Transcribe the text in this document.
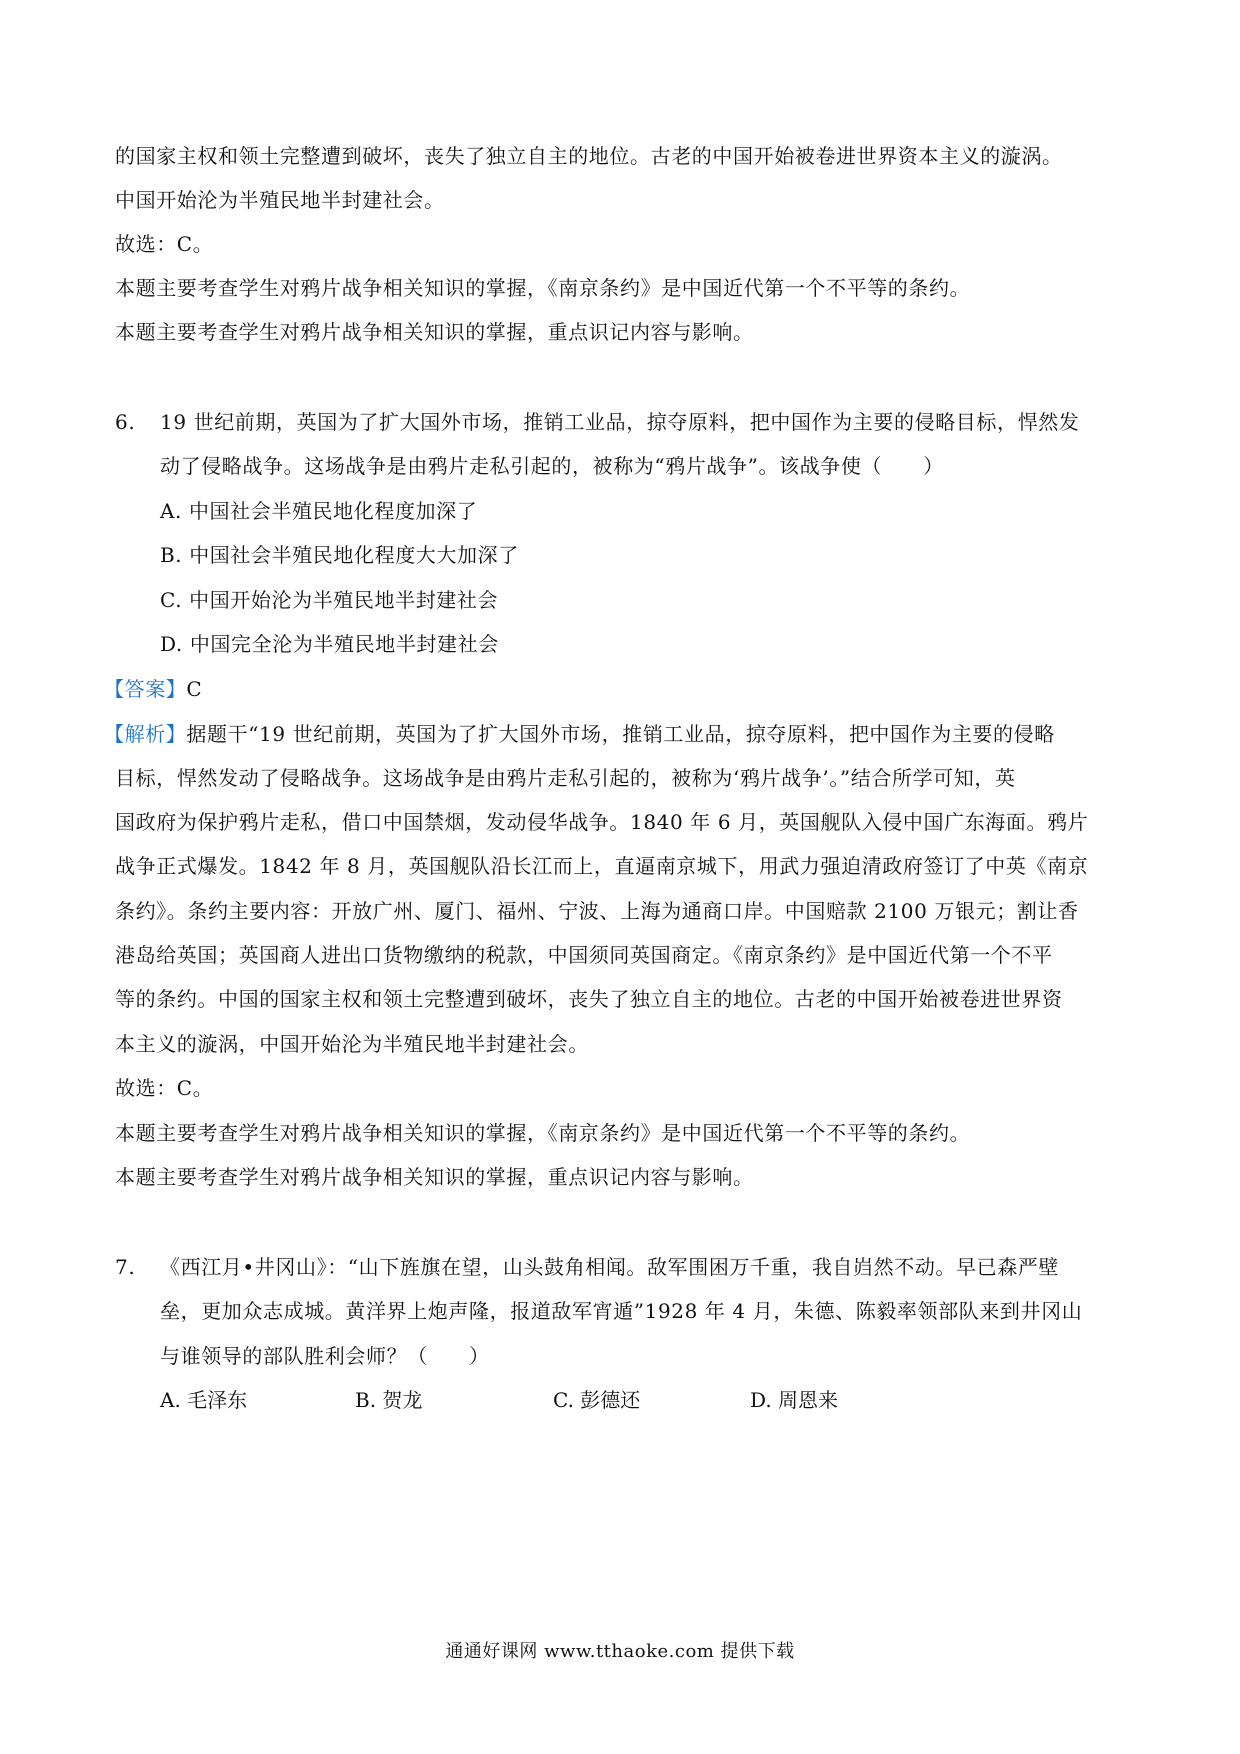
的国家主权和领土完整遭到破坏，丧失了独立自主的地位。古老的中国开始被卷进世界资本主义的漩涡。
中国开始沦为半殖民地半封建社会。
故选：C。
本题主要考查学生对鸦片战争相关知识的掌握，《南京条约》是中国近代第一个不平等的条约。
本题主要考查学生对鸦片战争相关知识的掌握，重点识记内容与影响。
6. 19 世纪前期，英国为了扩大国外市场，推销工业品，掠夺原料，把中国作为主要的侵略目标，悍然发
动了侵略战争。这场战争是由鸦片走私引起的，被称为“鸦片战争”。该战争使（　　）
A. 中国社会半殖民地化程度加深了
B. 中国社会半殖民地化程度大大加深了
C. 中国开始沦为半殖民地半封建社会
D. 中国完全沦为半殖民地半封建社会
【答案】C
【解析】据题干“19 世纪前期，英国为了扩大国外市场，推销工业品，掠夺原料，把中国作为主要的侵略
目标，悍然发动了侵略战争。这场战争是由鸦片走私引起的，被称为‘鸦片战争’。”结合所学可知，英
国政府为保护鸦片走私，借口中国禁烟，发动侵华战争。1840 年 6 月，英国舰队入侵中国广东海面。鸦片
战争正式爆发。1842 年 8 月，英国舰队沿长江而上，直逼南京城下，用武力强迫清政府签订了中英《南京
条约》。条约主要内容：开放广州、厦门、福州、宁波、上海为通商口岸。中国赔款 2100 万银元；割让香
港岛给英国；英国商人进出口货物缴纳的税款，中国须同英国商定。《南京条约》是中国近代第一个不平
等的条约。中国的国家主权和领土完整遭到破坏，丧失了独立自主的地位。古老的中国开始被卷进世界资
本主义的漩涡，中国开始沦为半殖民地半封建社会。
故选：C。
本题主要考查学生对鸦片战争相关知识的掌握，《南京条约》是中国近代第一个不平等的条约。
本题主要考查学生对鸦片战争相关知识的掌握，重点识记内容与影响。
7. 《西江月•井冈山》：“山下旌旗在望，山头鼓角相闻。敌军围困万千重，我自岿然不动。早已森严壁
垒，更加众志成城。黄洋界上炮声隆，报道敌军宵遁”1928 年 4 月，朱德、陈毅率领部队来到井冈山
与谁领导的部队胜利会师？（　　）
A. 毛泽东	B. 贺龙	C. 彭德还	D. 周恩来
通通好课网 www.tthaoke.com 提供下载
